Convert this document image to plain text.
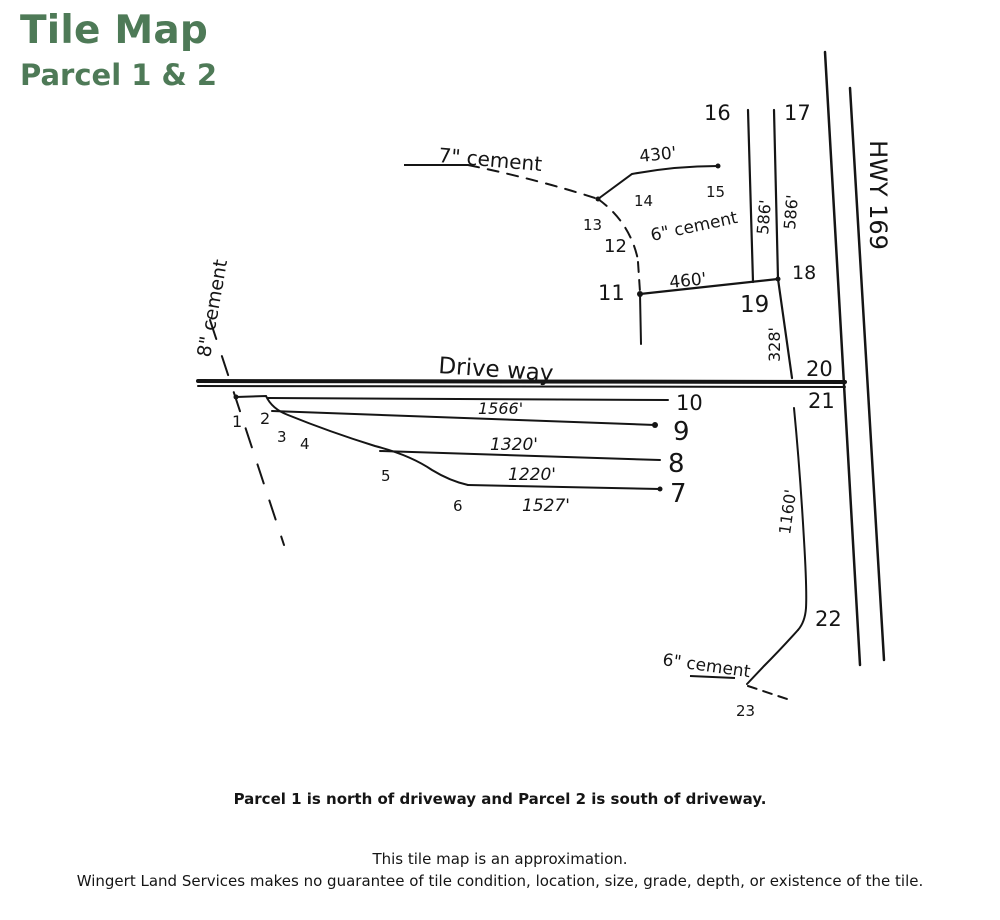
Tile Map
Parcel 1 & 2
Drive way
HWY 169
7" cement
6" cement
8" cement
6" cement
430'
586' 586'
460'
328'
1566'
1320'
1220'
1527'	1160'
1 2
3 4
5
6	7
8
9
10
11
12
13
14	15
16	17
18
19
20
21
22
23
Parcel 1 is north of driveway and Parcel 2 is south of driveway.
This tile map is an approximation.
Wingert Land Services makes no guarantee of tile condition, location, size, grade, depth, or existence of the tile.
